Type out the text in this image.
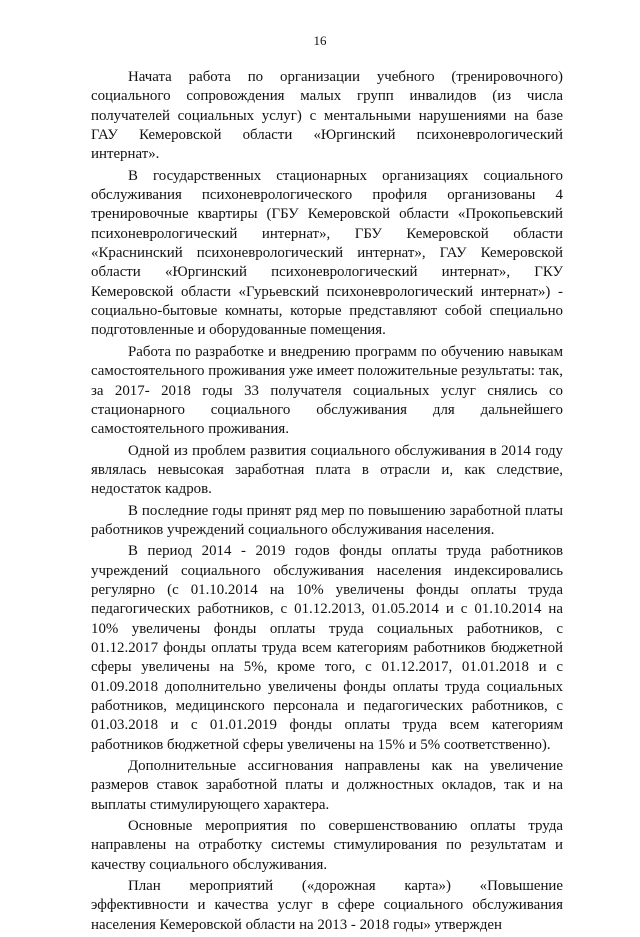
16

Начата работа по организации учебного (тренировочного) социального сопровождения малых групп инвалидов (из числа получателей социальных услуг) с ментальными нарушениями на базе ГАУ Кемеровской области «Юргинский психоневрологический интернат».

В государственных стационарных организациях социального обслуживания психоневрологического профиля организованы 4 тренировочные квартиры (ГБУ Кемеровской области «Прокопьевский психоневрологический интернат», ГБУ Кемеровской области «Краснинский психоневрологический интернат», ГАУ Кемеровской области «Юргинский психоневрологический интернат», ГКУ Кемеровской области «Гурьевский психоневрологический интернат») - социально-бытовые комнаты, которые представляют собой специально подготовленные и оборудованные помещения.

Работа по разработке и внедрению программ по обучению навыкам самостоятельного проживания уже имеет положительные результаты: так, за 2017- 2018 годы 33 получателя социальных услуг снялись со стационарного социального обслуживания для дальнейшего самостоятельного проживания.

Одной из проблем развития социального обслуживания в 2014 году являлась невысокая заработная плата в отрасли и, как следствие, недостаток кадров.

В последние годы принят ряд мер по повышению заработной платы работников учреждений социального обслуживания населения.

В период 2014 - 2019 годов фонды оплаты труда работников учреждений социального обслуживания населения индексировались регулярно (с 01.10.2014 на 10% увеличены фонды оплаты труда педагогических работников, с 01.12.2013, 01.05.2014 и с 01.10.2014 на 10% увеличены фонды оплаты труда социальных работников, с 01.12.2017 фонды оплаты труда всем категориям работников бюджетной сферы увеличены на 5%, кроме того, с 01.12.2017, 01.01.2018 и с 01.09.2018 дополнительно увеличены фонды оплаты труда социальных работников, медицинского персонала и педагогических работников, с 01.03.2018 и с 01.01.2019 фонды оплаты труда всем категориям работников бюджетной сферы увеличены на 15% и 5% соответственно).

Дополнительные ассигнования направлены как на увеличение размеров ставок заработной платы и должностных окладов, так и на выплаты стимулирующего характера.

Основные мероприятия по совершенствованию оплаты труда направлены на отработку системы стимулирования по результатам и качеству социального обслуживания.

План мероприятий («дорожная карта») «Повышение эффективности и качества услуг в сфере социального обслуживания населения Кемеровской области на 2013 - 2018 годы» утвержден
